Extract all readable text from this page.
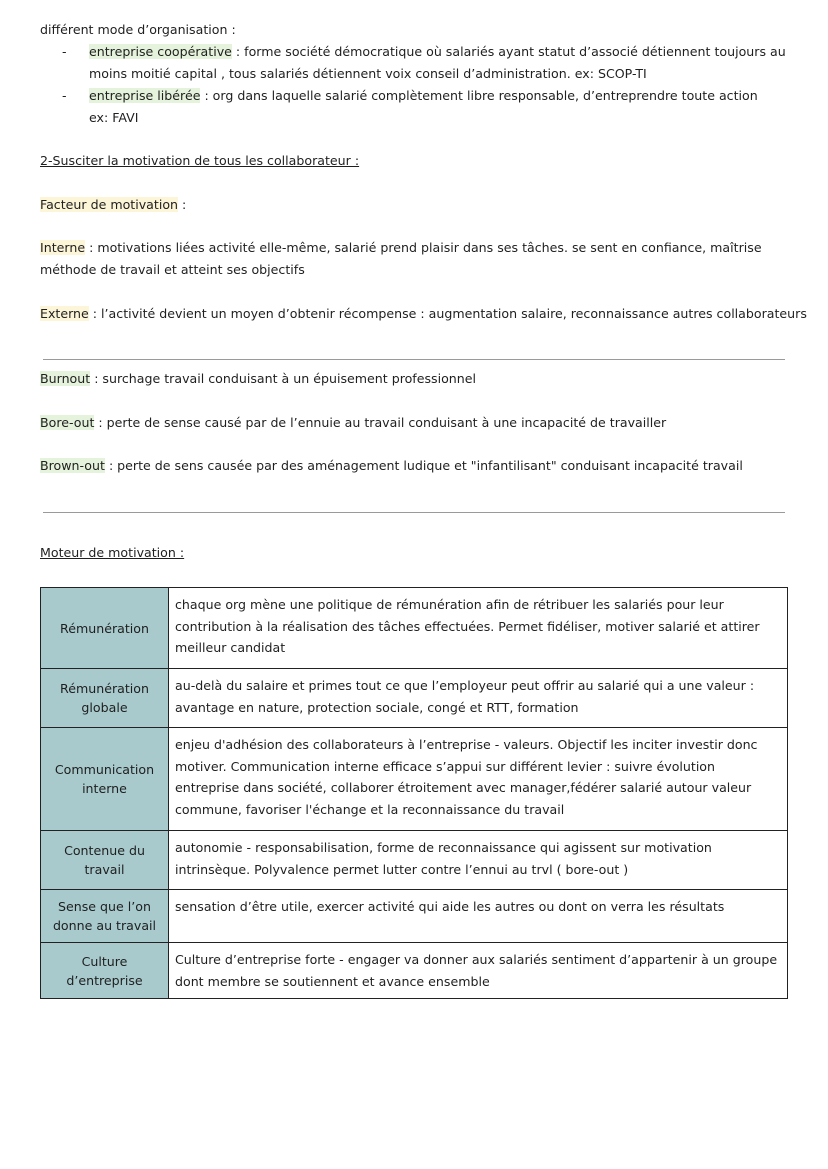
différent mode d’organisation :
- entreprise coopérative : forme société démocratique où salariés ayant statut d’associé détiennent toujours au
moins moitié capital , tous salariés détiennent voix conseil d’administration. ex: SCOP-TI
- entreprise libérée : org dans laquelle salarié complètement libre responsable, d’entreprendre toute action
ex: FAVI
2-Susciter la motivation de tous les collaborateur :
Facteur de motivation :
Interne : motivations liées activité elle-même, salarié prend plaisir dans ses tâches. se sent en confiance, maîtrise
méthode de travail et atteint ses objectifs
Externe : l’activité devient un moyen d’obtenir récompense : augmentation salaire, reconnaissance autres collaborateurs
Burnout : surchage travail conduisant à un épuisement professionnel
Bore-out : perte de sense causé par de l’ennuie au travail conduisant à une incapacité de travailler
Brown-out : perte de sens causée par des aménagement ludique et "infantilisant" conduisant incapacité travail
Moteur de motivation :
Rémunération	chaque org mène une politique de rémunération afin de rétribuer les salariés pour leur contribution à la réalisation des tâches effectuées. Permet fidéliser, motiver salarié et attirer meilleur candidat
Rémunération globale	au-delà du salaire et primes tout ce que l’employeur peut offrir au salarié qui a une valeur : avantage en nature, protection sociale, congé et RTT, formation
Communication interne	enjeu d'adhésion des collaborateurs à l’entreprise - valeurs. Objectif les inciter investir donc motiver. Communication interne efficace s’appui sur différent levier : suivre évolution entreprise dans société, collaborer étroitement avec manager,fédérer salarié autour valeur commune, favoriser l'échange et la reconnaissance du travail
Contenue du travail	autonomie - responsabilisation, forme de reconnaissance qui agissent sur motivation intrinsèque. Polyvalence permet lutter contre l’ennui au trvl ( bore-out )
Sense que l’on donne au travail	sensation d’être utile, exercer activité qui aide les autres ou dont on verra les résultats
Culture d’entreprise	Culture d’entreprise forte - engager va donner aux salariés sentiment d’appartenir à un groupe dont membre se soutiennent et avance ensemble
